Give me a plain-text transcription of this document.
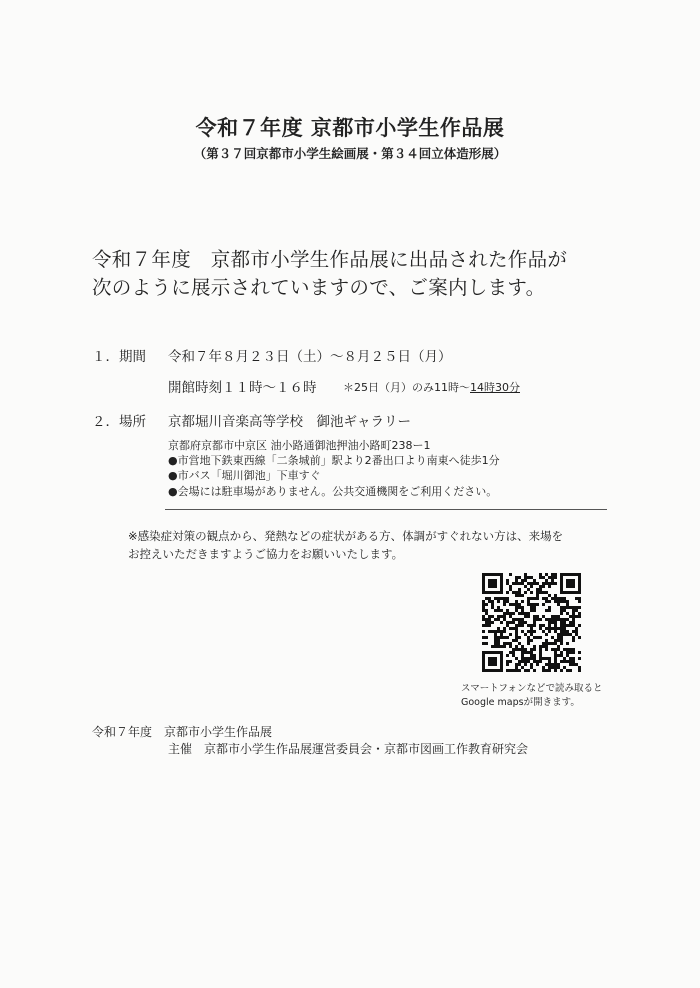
令和７年度 京都市小学生作品展
（第３７回京都市小学生絵画展・第３４回立体造形展）
令和７年度　京都市小学生作品展に出品された作品が
次のように展示されていますので、ご案内します。
１．期間 令和７年８月２３日（土）～８月２５日（月）
開館時刻１１時～１６時 ＊25日（月）のみ11時～14時30分
２．場所 京都堀川音楽高等学校　御池ギャラリー
京都府京都市中京区 油小路通御池押油小路町238ー1
●市営地下鉄東西線「二条城前」駅より2番出口より南東へ徒歩1分
●市バス「堀川御池」下車すぐ
●会場には駐車場がありません。公共交通機関をご利用ください。
※感染症対策の観点から、発熱などの症状がある方、体調がすぐれない方は、来場を
お控えいただきますようご協力をお願いいたします。
スマートフォンなどで読み取ると
Google mapsが開きます。
令和７年度　京都市小学生作品展
主催　京都市小学生作品展運営委員会・京都市図画工作教育研究会
